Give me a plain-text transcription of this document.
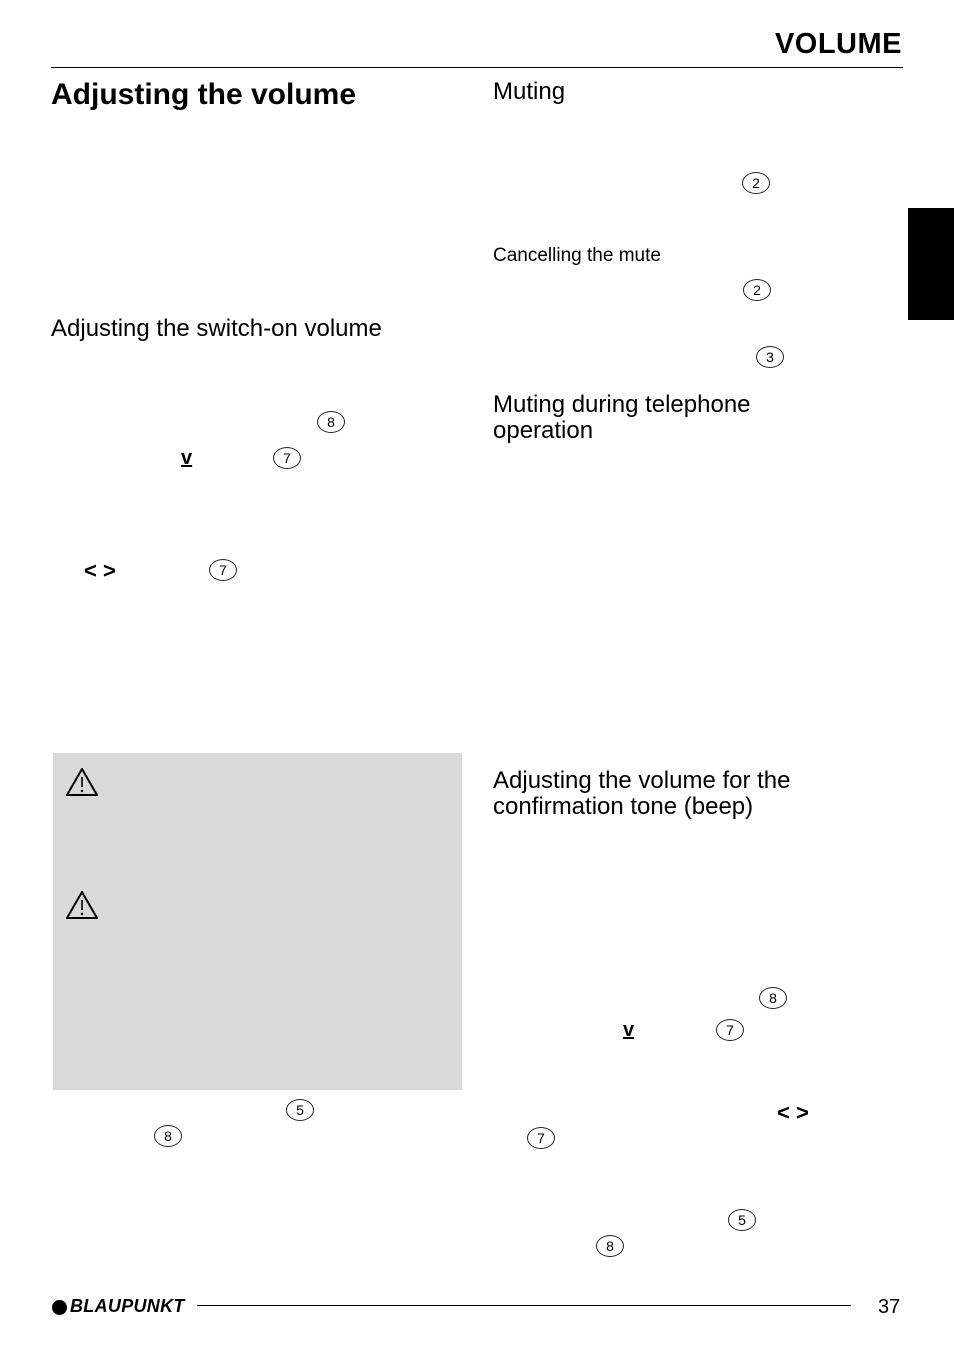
VOLUME
Adjusting the volume
Adjusting the switch-on volume
8
v	7
< >	7
5
8
Muting
2
Cancelling the mute
2
3
Muting during telephone operation
Adjusting the volume for the confirmation tone (beep)
8
v	7
< >
7
5
8
BLAUPUNKT	37
